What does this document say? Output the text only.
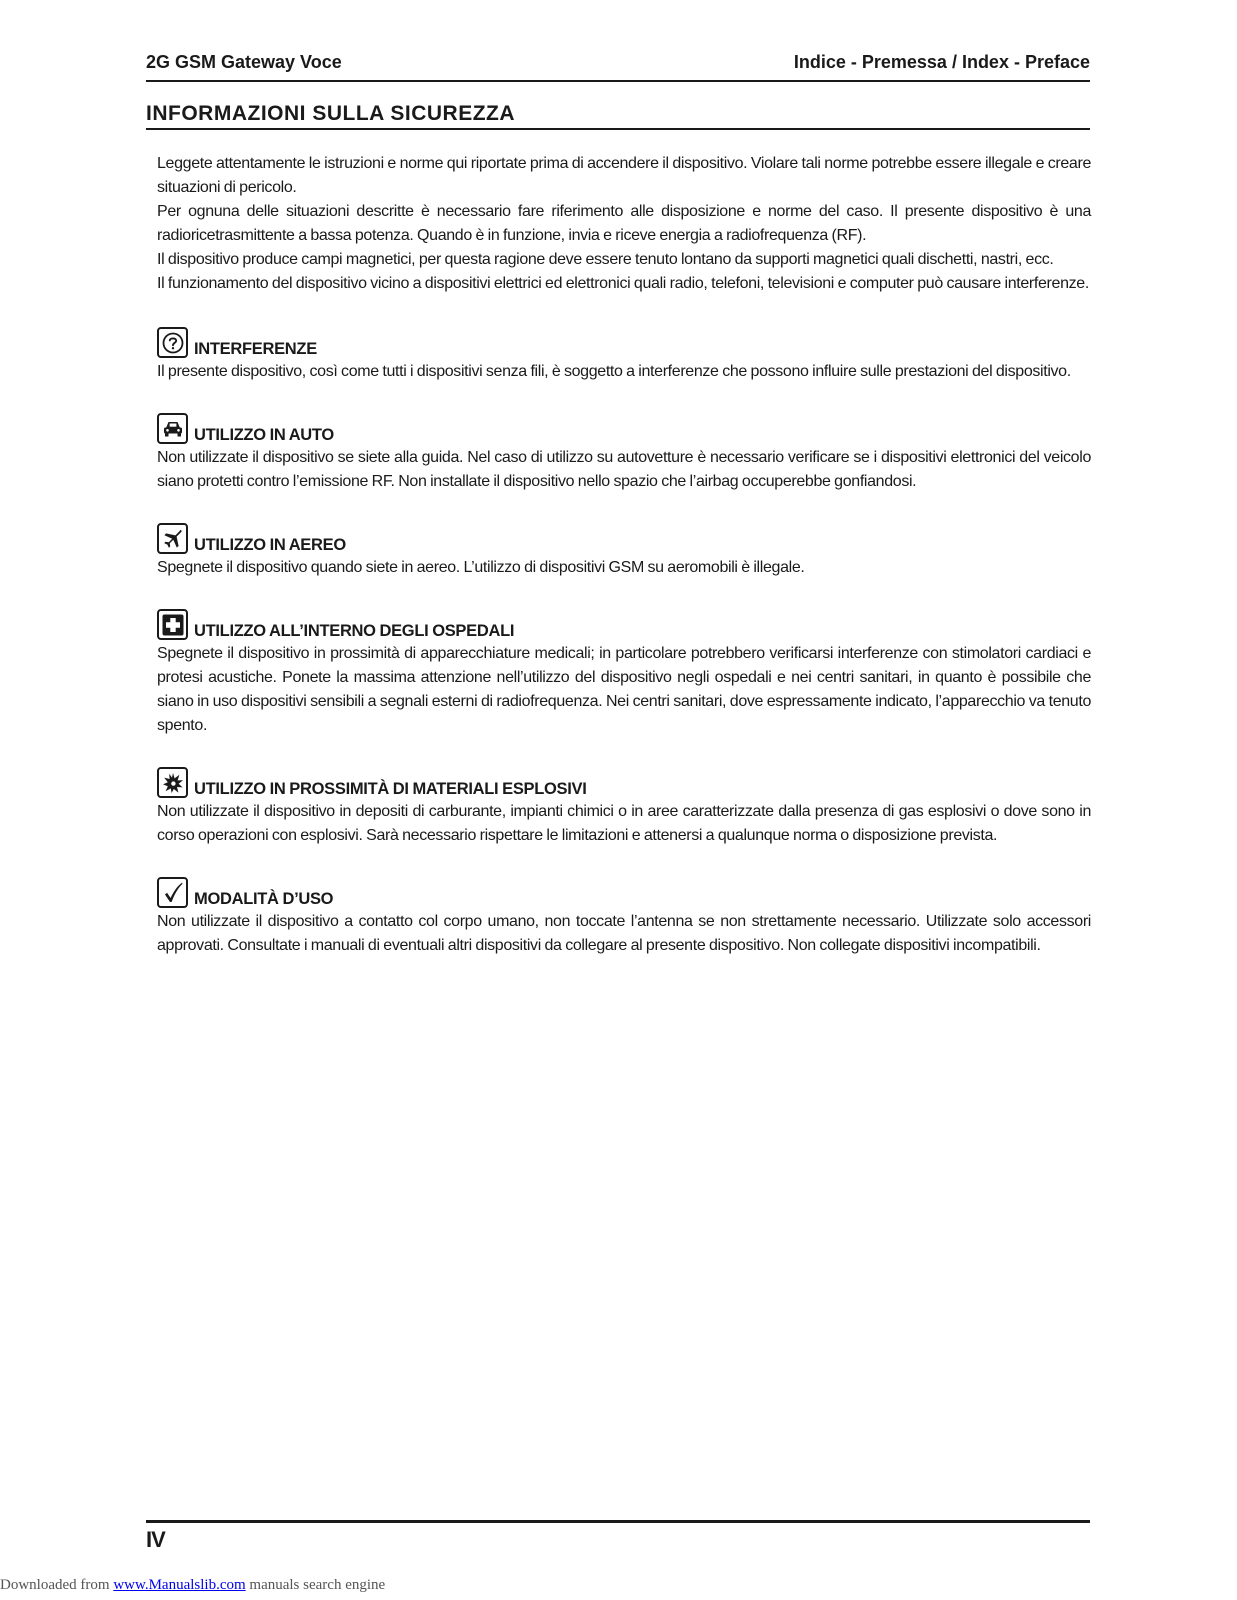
2G GSM Gateway Voce	Indice - Premessa / Index - Preface
INFORMAZIONI SULLA SICUREZZA

Leggete attentamente le istruzioni e norme qui riportate prima di accendere il dispositivo. Violare tali norme potrebbe essere illegale e creare situazioni di pericolo.

Per ognuna delle situazioni descritte è necessario fare riferimento alle disposizione e norme del caso. Il presente dispositivo è una radioricetrasmittente a bassa potenza. Quando è in funzione, invia e riceve energia a radiofrequenza (RF).

Il dispositivo produce campi magnetici, per questa ragione deve essere tenuto lontano da supporti magnetici quali dischetti, nastri, ecc.

Il funzionamento del dispositivo vicino a dispositivi elettrici ed elettronici quali radio, telefoni, televisioni e computer può causare interferenze.

INTERFERENZE

Il presente dispositivo, così come tutti i dispositivi senza fili, è soggetto a interferenze che possono influire sulle prestazioni del dispositivo.

UTILIZZO IN AUTO

Non utilizzate il dispositivo se siete alla guida. Nel caso di utilizzo su autovetture è necessario verificare se i dispositivi elettronici del veicolo siano protetti contro l’emissione RF. Non installate il dispositivo nello spazio che l’airbag occuperebbe gonfiandosi.

UTILIZZO IN AEREO

Spegnete il dispositivo quando siete in aereo. L’utilizzo di dispositivi GSM su aeromobili è illegale.

UTILIZZO ALL’INTERNO DEGLI OSPEDALI

Spegnete il dispositivo in prossimità di apparecchiature medicali; in particolare potrebbero verificarsi interferenze con stimolatori cardiaci e protesi acustiche. Ponete la massima attenzione nell’utilizzo del dispositivo negli ospedali e nei centri sanitari, in quanto è possibile che siano in uso dispositivi sensibili a segnali esterni di radiofrequenza. Nei centri sanitari, dove espressamente indicato, l’apparecchio va tenuto spento.

UTILIZZO IN PROSSIMITÀ DI MATERIALI ESPLOSIVI

Non utilizzate il dispositivo in depositi di carburante, impianti chimici o in aree caratterizzate dalla presenza di gas esplosivi o dove sono in corso operazioni con esplosivi. Sarà necessario rispettare le limitazioni e attenersi a qualunque norma o disposizione prevista.

MODALITÀ D’USO

Non utilizzate il dispositivo a contatto col corpo umano, non toccate l’antenna se non strettamente necessario. Utilizzate solo accessori approvati. Consultate i manuali di eventuali altri dispositivi da collegare al presente dispositivo. Non collegate dispositivi incompatibili.

IV
Downloaded from www.Manualslib.com manuals search engine
